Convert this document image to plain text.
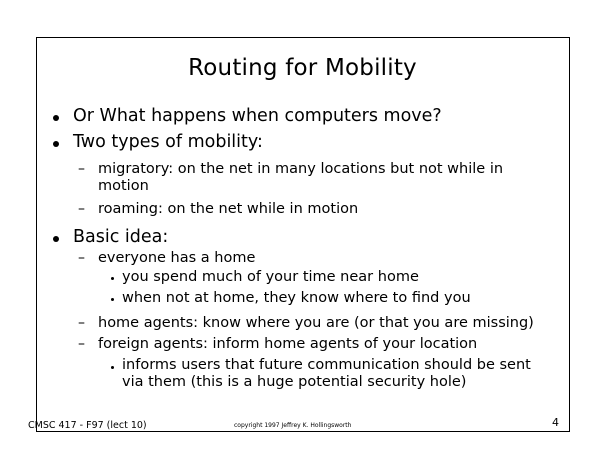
Routing for Mobility
Or What happens when computers move?
Two types of mobility:
– migratory: on the net in many locations but not while in motion
– roaming: on the net while in motion
Basic idea:
– everyone has a home
you spend much of your time near home
when not at home, they know where to find you
– home agents: know where you are (or that you are missing)
– foreign agents: inform home agents of your location
informs users that future communication should be sent via them (this is a huge potential security hole)
CMSC 417 - F97 (lect 10)	copyright 1997 Jeffrey K. Hollingsworth	4
